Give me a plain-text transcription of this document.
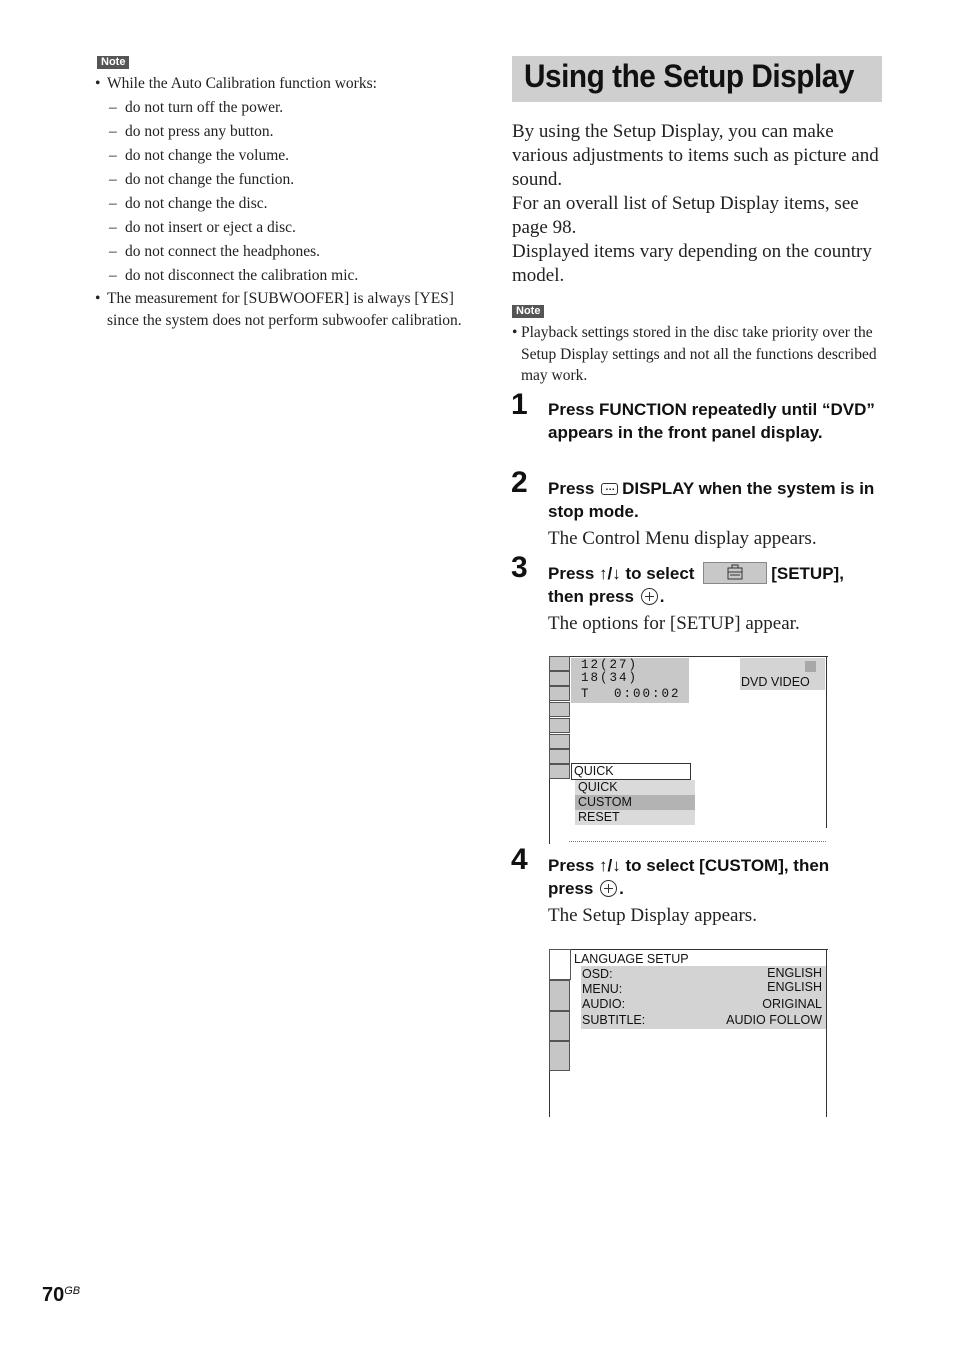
Note
• While the Auto Calibration function works:
– do not turn off the power.
– do not press any button.
– do not change the volume.
– do not change the function.
– do not change the disc.
– do not insert or eject a disc.
– do not connect the headphones.
– do not disconnect the calibration mic.
• The measurement for [SUBWOOFER] is always [YES] since the system does not perform subwoofer calibration.
Using the Setup Display
By using the Setup Display, you can make various adjustments to items such as picture and sound.
For an overall list of Setup Display items, see page 98.
Displayed items vary depending on the country model.
Note
• Playback settings stored in the disc take priority over the Setup Display settings and not all the functions described may work.
1 Press FUNCTION repeatedly until “DVD” appears in the front panel display.
2 Press … DISPLAY when the system is in stop mode.
The Control Menu display appears.
3 Press ↑/↓ to select	[SETUP],
then press .
The options for [SETUP] appear.
12(27)
18(34)
T 0:00:02
DVD VIDEO
QUICK
QUICK
CUSTOM
RESET
4 Press ↑/↓ to select [CUSTOM], then
press .
The Setup Display appears.
LANGUAGE SETUP
OSD:	ENGLISH
MENU:	ENGLISH
AUDIO:	ORIGINAL
SUBTITLE:	AUDIO FOLLOW
$70^{GB}$
